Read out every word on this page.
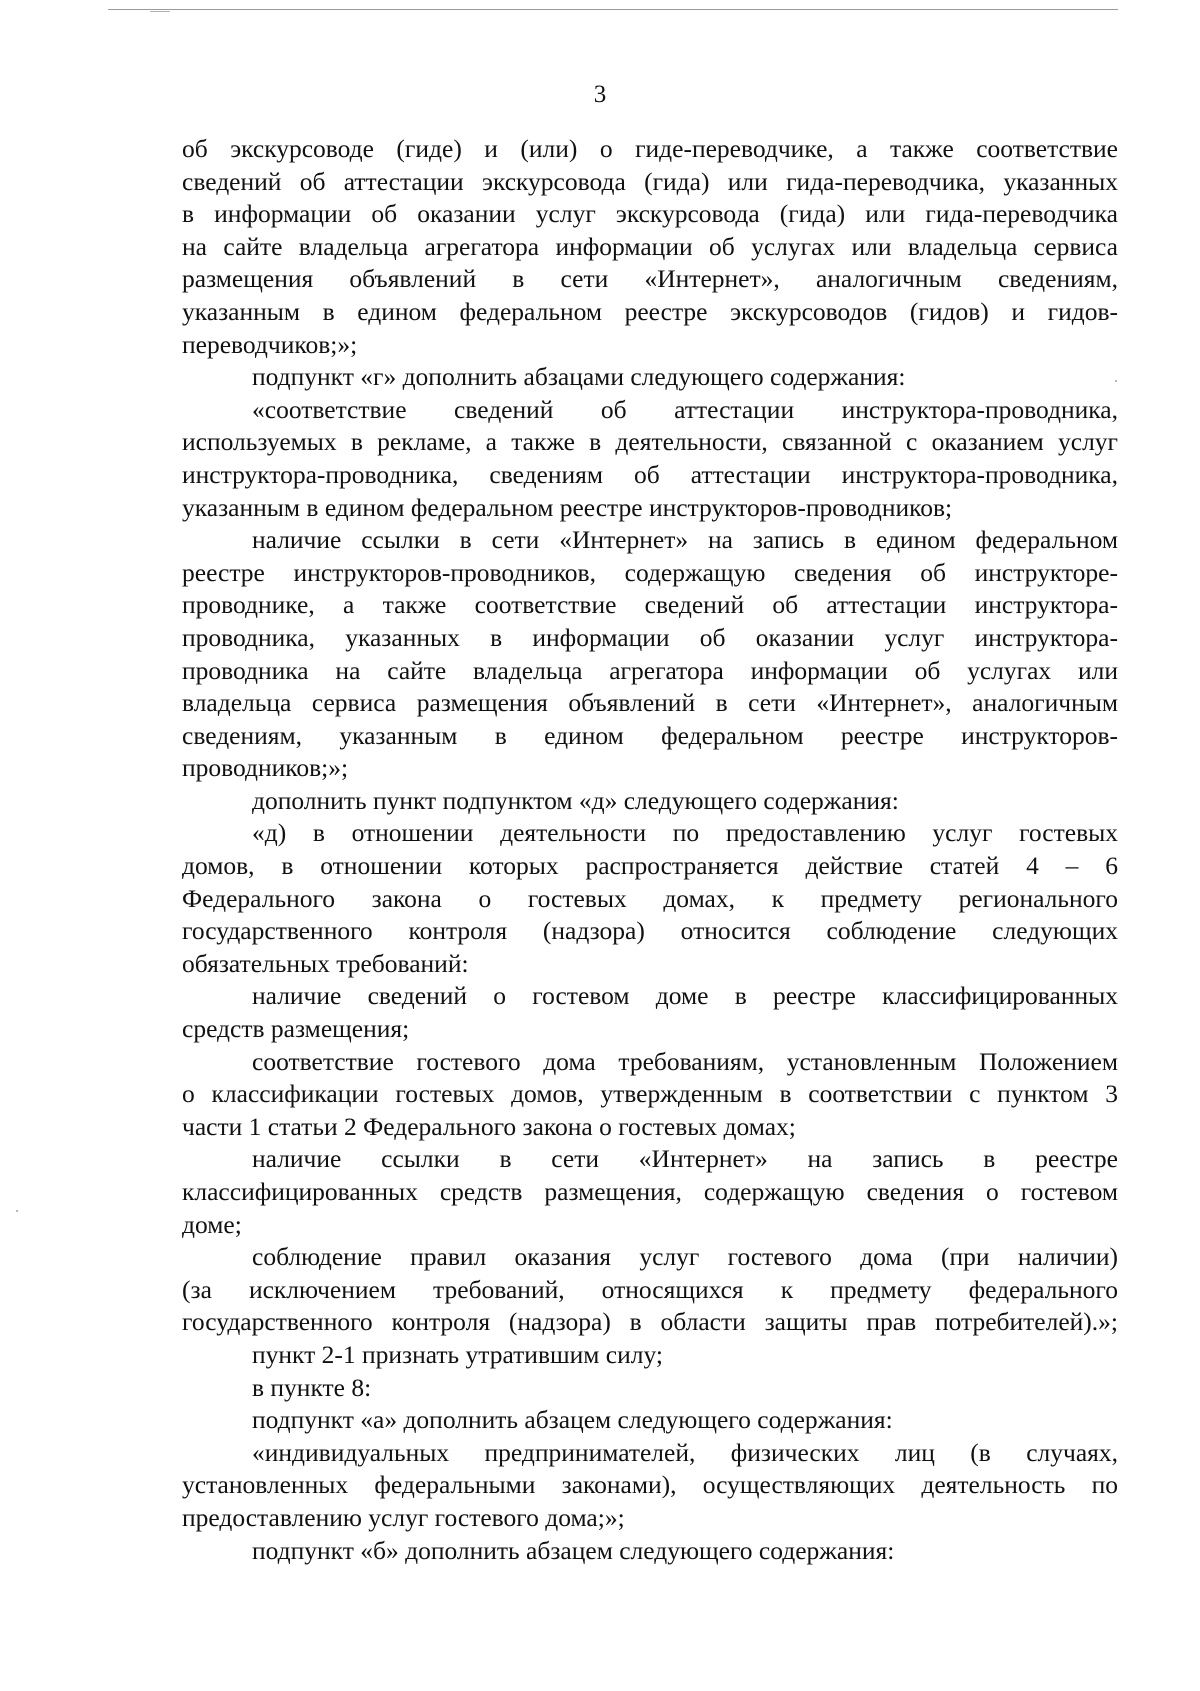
3
об экскурсоводе (гиде) и (или) о гиде-переводчике, а также соответствие
сведений об аттестации экскурсовода (гида) или гида-переводчика, указанных
в информации об оказании услуг экскурсовода (гида) или гида-переводчика
на сайте владельца агрегатора информации об услугах или владельца сервиса
размещения объявлений в сети «Интернет», аналогичным сведениям,
указанным в едином федеральном реестре экскурсоводов (гидов) и гидов-
переводчиков;»;
подпункт «г» дополнить абзацами следующего содержания:
«соответствие сведений об аттестации инструктора-проводника,
используемых в рекламе, а также в деятельности, связанной с оказанием услуг
инструктора-проводника, сведениям об аттестации инструктора-проводника,
указанным в едином федеральном реестре инструкторов-проводников;
наличие ссылки в сети «Интернет» на запись в едином федеральном
реестре инструкторов-проводников, содержащую сведения об инструкторе-
проводнике, а также соответствие сведений об аттестации инструктора-
проводника, указанных в информации об оказании услуг инструктора-
проводника на сайте владельца агрегатора информации об услугах или
владельца сервиса размещения объявлений в сети «Интернет», аналогичным
сведениям, указанным в едином федеральном реестре инструкторов-
проводников;»;
дополнить пункт подпунктом «д» следующего содержания:
«д) в отношении деятельности по предоставлению услуг гостевых
домов, в отношении которых распространяется действие статей 4 – 6
Федерального закона о гостевых домах, к предмету регионального
государственного контроля (надзора) относится соблюдение следующих
обязательных требований:
наличие сведений о гостевом доме в реестре классифицированных
средств размещения;
соответствие гостевого дома требованиям, установленным Положением
о классификации гостевых домов, утвержденным в соответствии с пунктом 3
части 1 статьи 2 Федерального закона о гостевых домах;
наличие ссылки в сети «Интернет» на запись в реестре
классифицированных средств размещения, содержащую сведения о гостевом
доме;
соблюдение правил оказания услуг гостевого дома (при наличии)
(за исключением требований, относящихся к предмету федерального
государственного контроля (надзора) в области защиты прав потребителей).»;
пункт 2-1 признать утратившим силу;
в пункте 8:
подпункт «а» дополнить абзацем следующего содержания:
«индивидуальных предпринимателей, физических лиц (в случаях,
установленных федеральными законами), осуществляющих деятельность по
предоставлению услуг гостевого дома;»;
подпункт «б» дополнить абзацем следующего содержания:
